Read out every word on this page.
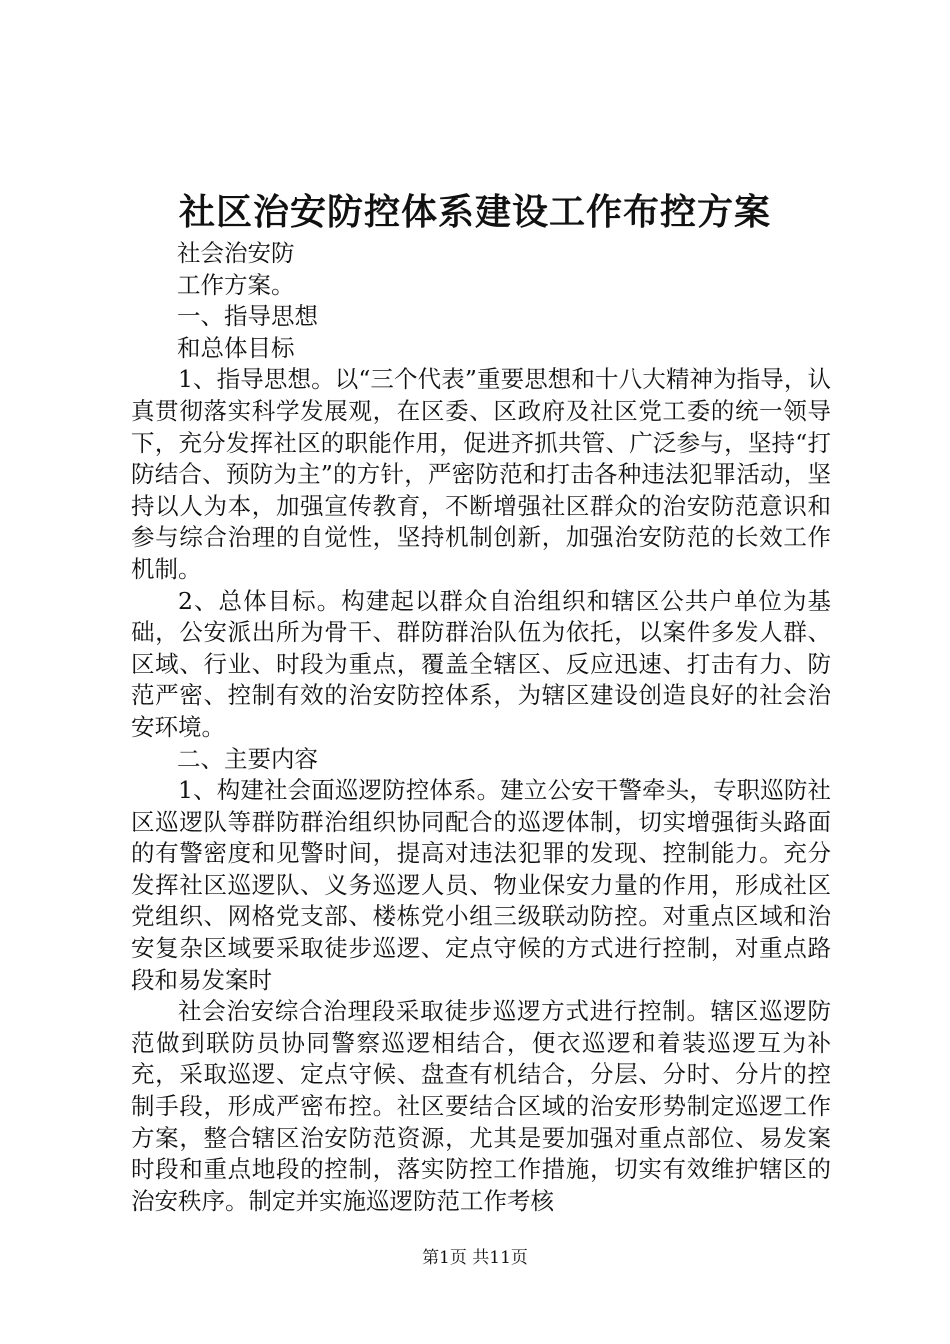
社区治安防控体系建设工作布控方案

社会治安防

工作方案。

一、指导思想

和总体目标

1、指导思想。以“三个代表”重要思想和十八大精神为指导，认真贯彻落实科学发展观，在区委、区政府及社区党工委的统一领导下，充分发挥社区的职能作用，促进齐抓共管、广泛参与，坚持“打防结合、预防为主”的方针，严密防范和打击各种违法犯罪活动，坚持以人为本，加强宣传教育，不断增强社区群众的治安防范意识和参与综合治理的自觉性，坚持机制创新，加强治安防范的长效工作机制。

2、总体目标。构建起以群众自治组织和辖区公共户单位为基础，公安派出所为骨干、群防群治队伍为依托，以案件多发人群、区域、行业、时段为重点，覆盖全辖区、反应迅速、打击有力、防范严密、控制有效的治安防控体系，为辖区建设创造良好的社会治安环境。

二、主要内容

1、构建社会面巡逻防控体系。建立公安干警牵头，专职巡防社区巡逻队等群防群治组织协同配合的巡逻体制，切实增强街头路面的有警密度和见警时间，提高对违法犯罪的发现、控制能力。充分发挥社区巡逻队、义务巡逻人员、物业保安力量的作用，形成社区党组织、网格党支部、楼栋党小组三级联动防控。对重点区域和治安复杂区域要采取徒步巡逻、定点守候的方式进行控制，对重点路段和易发案时

社会治安综合治理段采取徒步巡逻方式进行控制。辖区巡逻防范做到联防员协同警察巡逻相结合，便衣巡逻和着装巡逻互为补充，采取巡逻、定点守候、盘查有机结合，分层、分时、分片的控制手段，形成严密布控。社区要结合区域的治安形势制定巡逻工作方案，整合辖区治安防范资源，尤其是要加强对重点部位、易发案时段和重点地段的控制，落实防控工作措施，切实有效维护辖区的治安秩序。制定并实施巡逻防范工作考核

第1页 共11页
